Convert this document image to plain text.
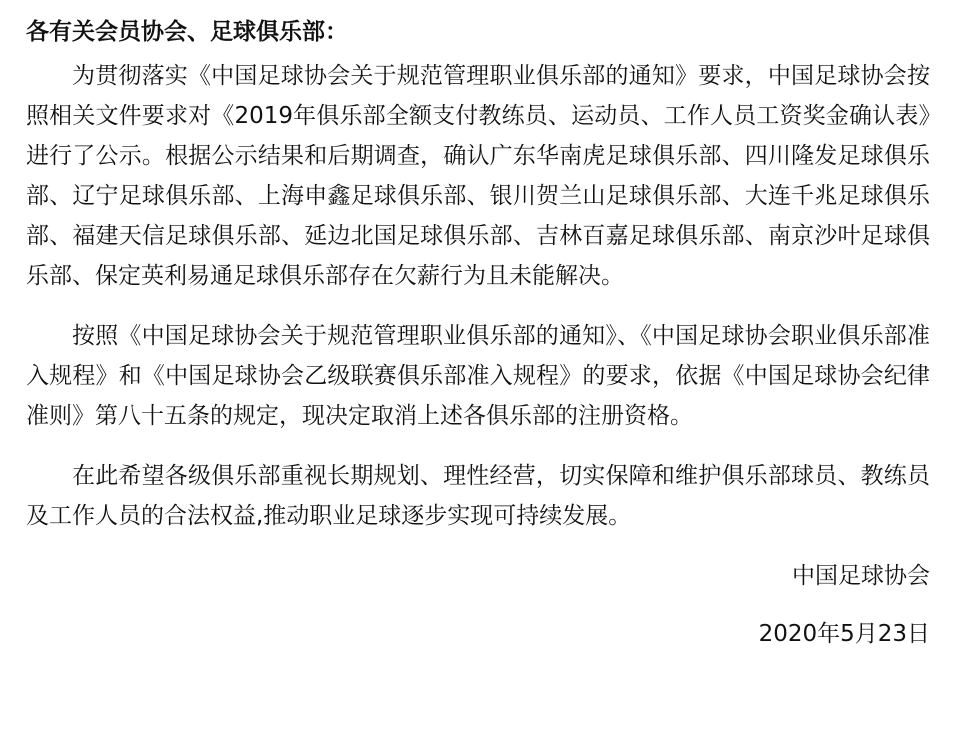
各有关会员协会、足球俱乐部：

为贯彻落实《中国足球协会关于规范管理职业俱乐部的通知》要求，中国足球协会按照相关文件要求对《2019年俱乐部全额支付教练员、运动员、工作人员工资奖金确认表》进行了公示。根据公示结果和后期调查，确认广东华南虎足球俱乐部、四川隆发足球俱乐部、辽宁足球俱乐部、上海申鑫足球俱乐部、银川贺兰山足球俱乐部、大连千兆足球俱乐部、福建天信足球俱乐部、延边北国足球俱乐部、吉林百嘉足球俱乐部、南京沙叶足球俱乐部、保定英利易通足球俱乐部存在欠薪行为且未能解决。

按照《中国足球协会关于规范管理职业俱乐部的通知》、《中国足球协会职业俱乐部准入规程》和《中国足球协会乙级联赛俱乐部准入规程》的要求，依据《中国足球协会纪律准则》第八十五条的规定，现决定取消上述各俱乐部的注册资格。

在此希望各级俱乐部重视长期规划、理性经营，切实保障和维护俱乐部球员、教练员及工作人员的合法权益,推动职业足球逐步实现可持续发展。

中国足球协会
2020年5月23日
